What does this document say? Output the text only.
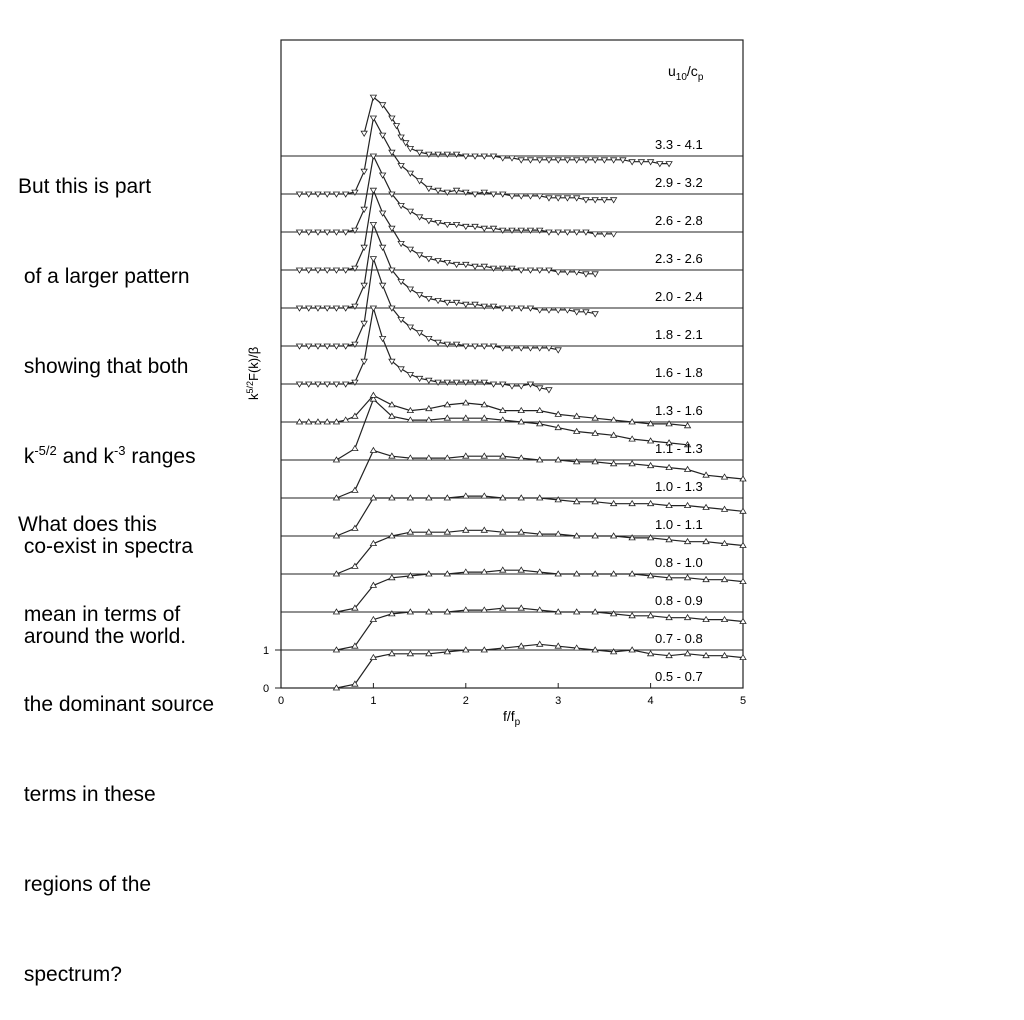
But this is part

of a larger pattern

showing that both

$k^{-5/2}$ and $k^{-3}$ ranges

co-exist in spectra

around the world.

What does this

mean in terms of

the dominant source

terms in these

regions of the

spectrum?

0.5 - 0.7
0.7 - 0.8
0.8 - 0.9
0.8 - 1.0
1.0 - 1.1
1.0 - 1.3
1.1 - 1.3
1.3 - 1.6
1.6 - 1.8
1.8 - 2.1
2.0 - 2.4
2.3 - 2.6
2.6 - 2.8
2.9 - 3.2
3.3 - 4.1
0	1	2	3	4	5
0
1
$u_{10}/c_p$
$f/f_p$
$k^{5/2}F(k)/\beta$
